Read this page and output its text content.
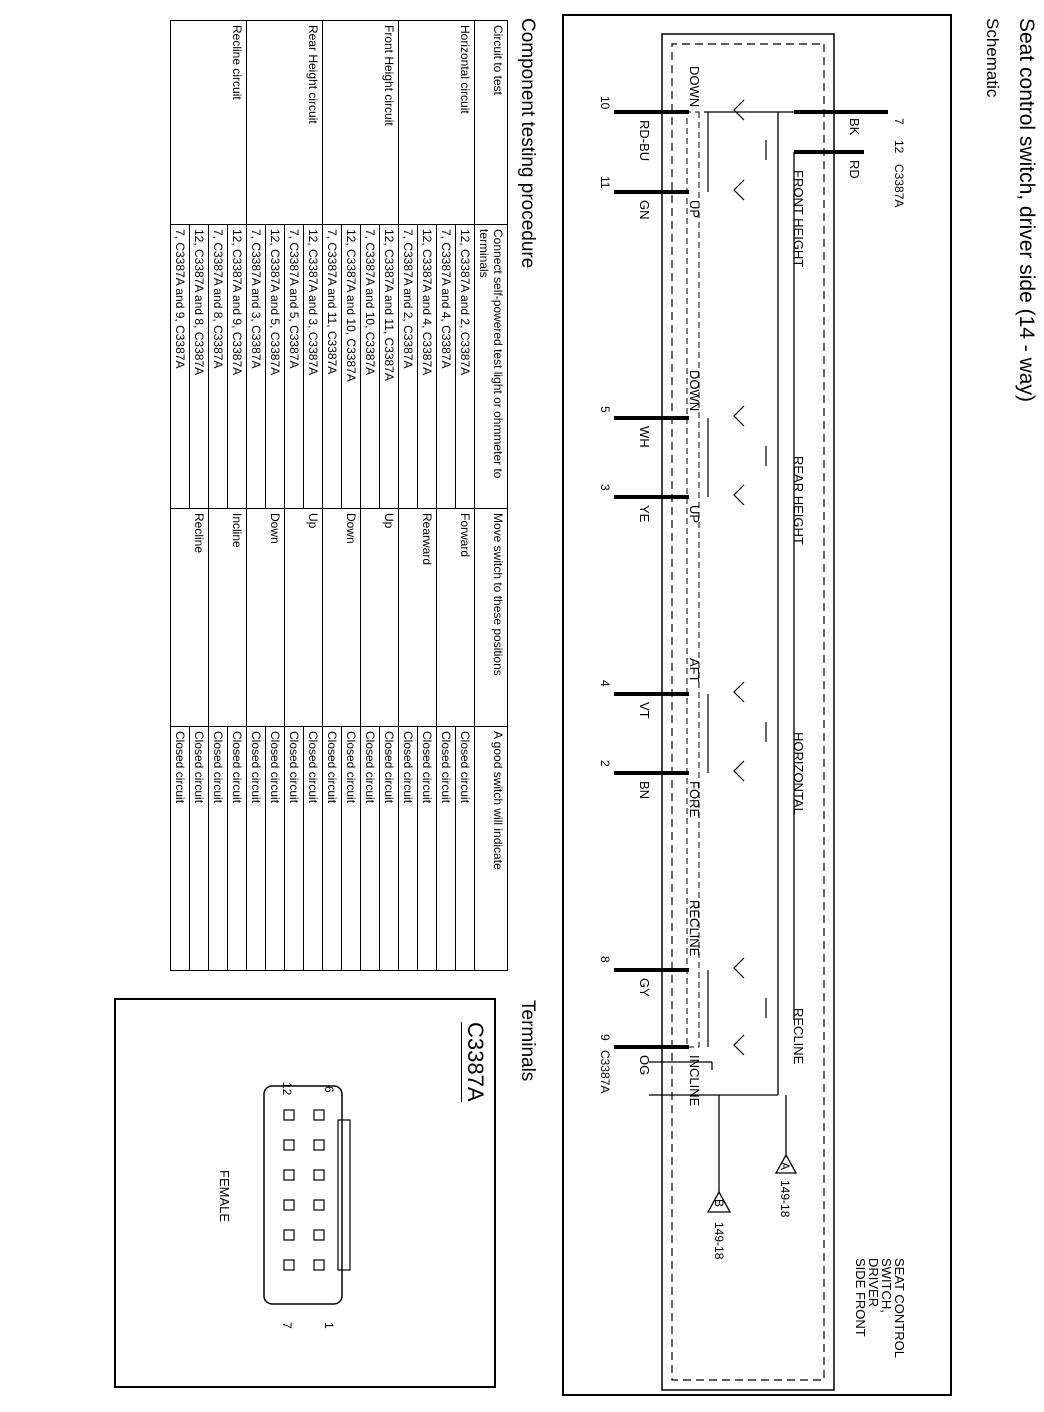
Seat control switch, driver side (14 - way)
Schematic
7
12
C3387A
BK
RD
SEAT CONTROL
SWITCH,
DRIVER
SIDE FRONT
FRONT HEIGHT
REAR HEIGHT
HORIZONTAL
RECLINE
DOWN
UP
DOWN
UP
AFT
FORE
RECLINE
INCLINE
RD-BU
GN
WH
YE
VT
BN
GY
OG
10
11
5
3
4
2
8
9
C3387A
A
149-18
B
149-18
Component testing procedure
Circuit to test	Connect self-powered test light or ohmmeter to terminals	Move switch to these positions	A good switch will indicate
Horizontal circuit	12, C3387A and 2, C3387A	Forward	Closed circuit
	7, C3387A and 4, C3387A		Closed circuit
	12, C3387A and 4, C3387A	Rearward	Closed circuit
	7, C3387A and 2, C3387A		Closed circuit
Front Height circuit	12, C3387A and 11, C3387A	Up	Closed circuit
	7, C3387A and 10, C3387A		Closed circuit
	12, C3387A and 10, C3387A	Down	Closed circuit
	7, C3387A and 11, C3387A		Closed circuit
Rear Height circuit	12, C3387A and 3, C3387A	Up	Closed circuit
	7, C3387A and 5, C3387A		Closed circuit
	12, C3387A and 5, C3387A	Down	Closed circuit
	7, C3387A and 3, C3387A		Closed circuit
Recline circuit	12, C3387A and 9, C3387A	Incline	Closed circuit
	7, C3387A and 8, C3387A		Closed circuit
	12, C3387A and 8, C3387A	Recline	Closed circuit
	7, C3387A and 9, C3387A		Closed circuit
Terminals
C3387A
6
1
12
7
FEMALE
